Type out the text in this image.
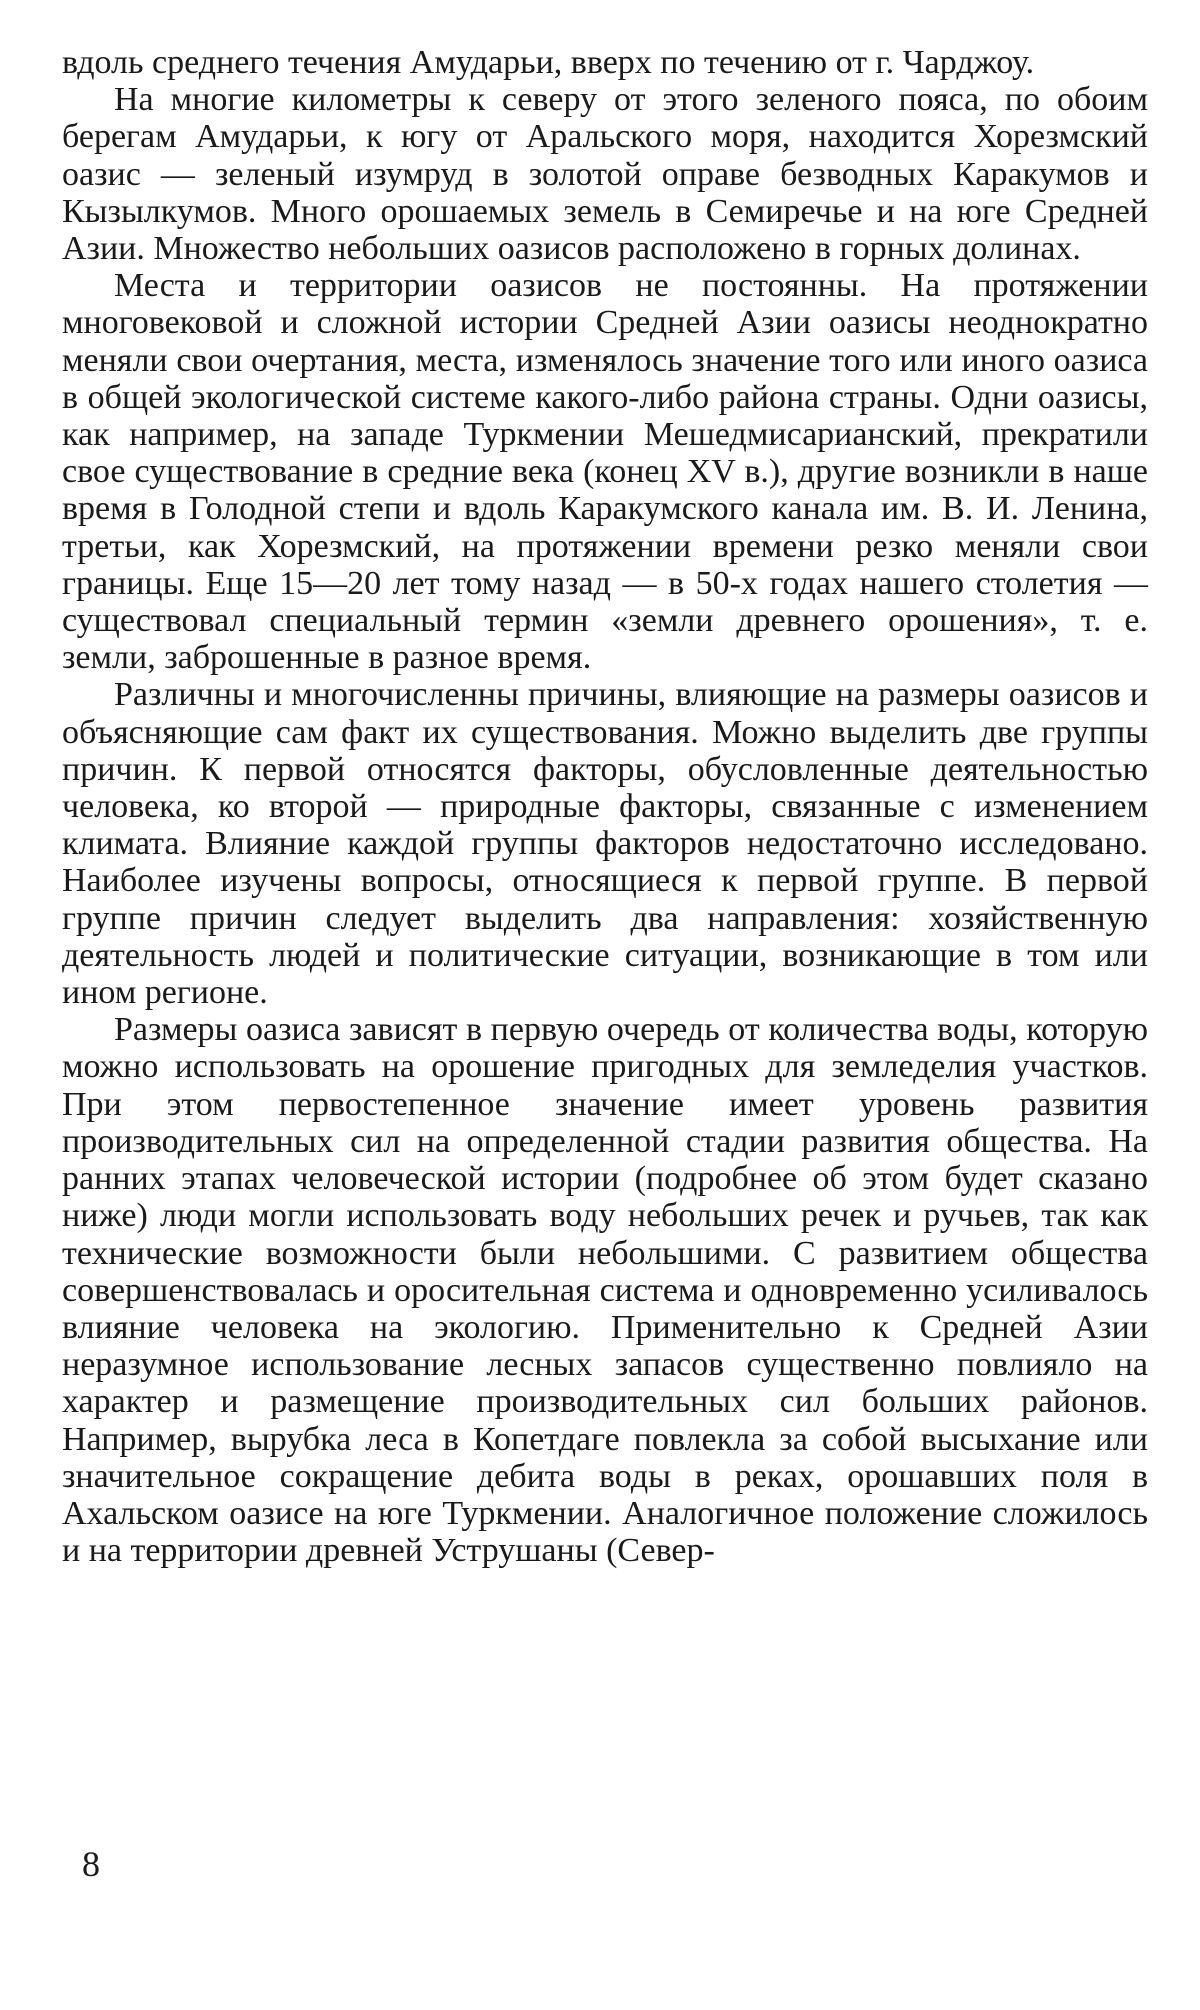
вдоль среднего течения Амударьи, вверх по течению от г. Чарджоу.

На многие километры к северу от этого зеленого пояса, по обоим берегам Амударьи, к югу от Аральского моря, находится Хорезмский оазис — зеленый изумруд в золотой оправе безводных Каракумов и Кызылкумов. Много орошаемых земель в Семиречье и на юге Средней Азии. Множество небольших оазисов расположено в горных долинах.

Места и территории оазисов не постоянны. На протяжении многовековой и сложной истории Средней Азии оазисы неоднократно меняли свои очертания, места, изменялось значение того или иного оазиса в общей экологической системе какого-либо района страны. Одни оазисы, как например, на западе Туркмении Мешедмисарианский, прекратили свое существование в средние века (конец XV в.), другие возникли в наше время в Голодной степи и вдоль Каракумского канала им. В. И. Ленина, третьи, как Хорезмский, на протяжении времени резко меняли свои границы. Еще 15—20 лет тому назад — в 50-х годах нашего столетия — существовал специальный термин «земли древнего орошения», т. е. земли, заброшенные в разное время.

Различны и многочисленны причины, влияющие на размеры оазисов и объясняющие сам факт их существования. Можно выделить две группы причин. К первой относятся факторы, обусловленные деятельностью человека, ко второй — природные факторы, связанные с изменением климата. Влияние каждой группы факторов недостаточно исследовано. Наиболее изучены вопросы, относящиеся к первой группе. В первой группе причин следует выделить два направления: хозяйственную деятельность людей и политические ситуации, возникающие в том или ином регионе.

Размеры оазиса зависят в первую очередь от количества воды, которую можно использовать на орошение пригодных для земледелия участков. При этом первостепенное значение имеет уровень развития производительных сил на определенной стадии развития общества. На ранних этапах человеческой истории (подробнее об этом будет сказано ниже) люди могли использовать воду небольших речек и ручьев, так как технические возможности были небольшими. С развитием общества совершенствовалась и оросительная система и одновременно усиливалось влияние человека на экологию. Применительно к Средней Азии неразумное использование лесных запасов существенно повлияло на характер и размещение производительных сил больших районов. Например, вырубка леса в Копетдаге повлекла за собой высыхание или значительное сокращение дебита воды в реках, орошавших поля в Ахальском оазисе на юге Туркмении. Аналогичное положение сложилось и на территории древней Уструшаны (Север-

8
